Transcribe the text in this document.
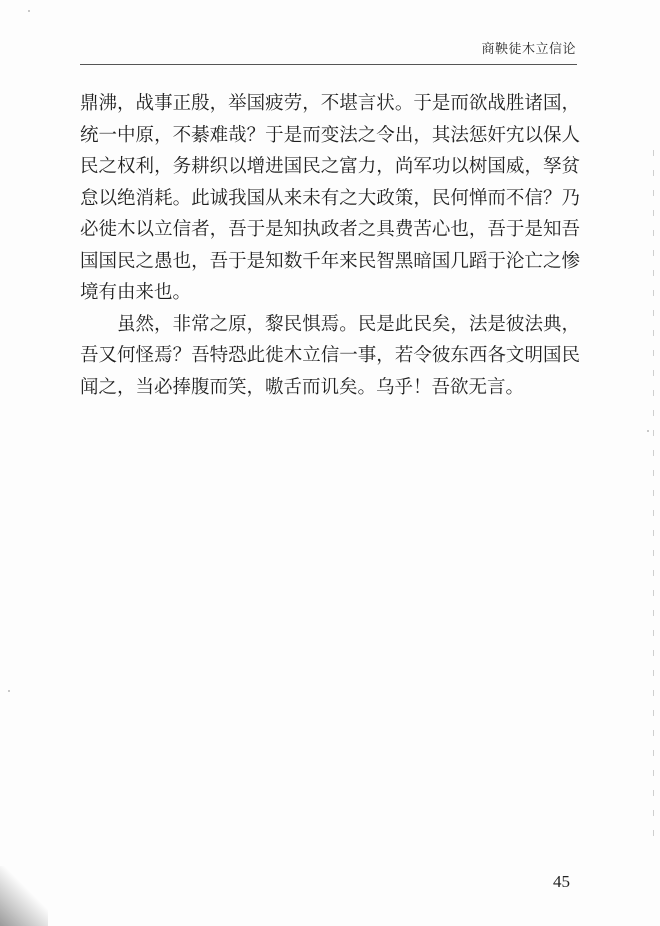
商鞅徒木立信论

鼎沸，战事正殷，举国疲劳，不堪言状。于是而欲战胜诸国，统一中原，不綦难哉？于是而变法之令出，其法惩奸宄以保人民之权利，务耕织以增进国民之富力，尚军功以树国威，孥贫怠以绝消耗。此诚我国从来未有之大政策，民何惮而不信？乃必徙木以立信者，吾于是知执政者之具费苦心也，吾于是知吾国国民之愚也，吾于是知数千年来民智黑暗国几蹈于沦亡之惨境有由来也。

虽然，非常之原，黎民惧焉。民是此民矣，法是彼法典，吾又何怪焉？吾特恐此徙木立信一事，若令彼东西各文明国民闻之，当必捧腹而笑，嗷舌而讥矣。乌乎！吾欲无言。

45
